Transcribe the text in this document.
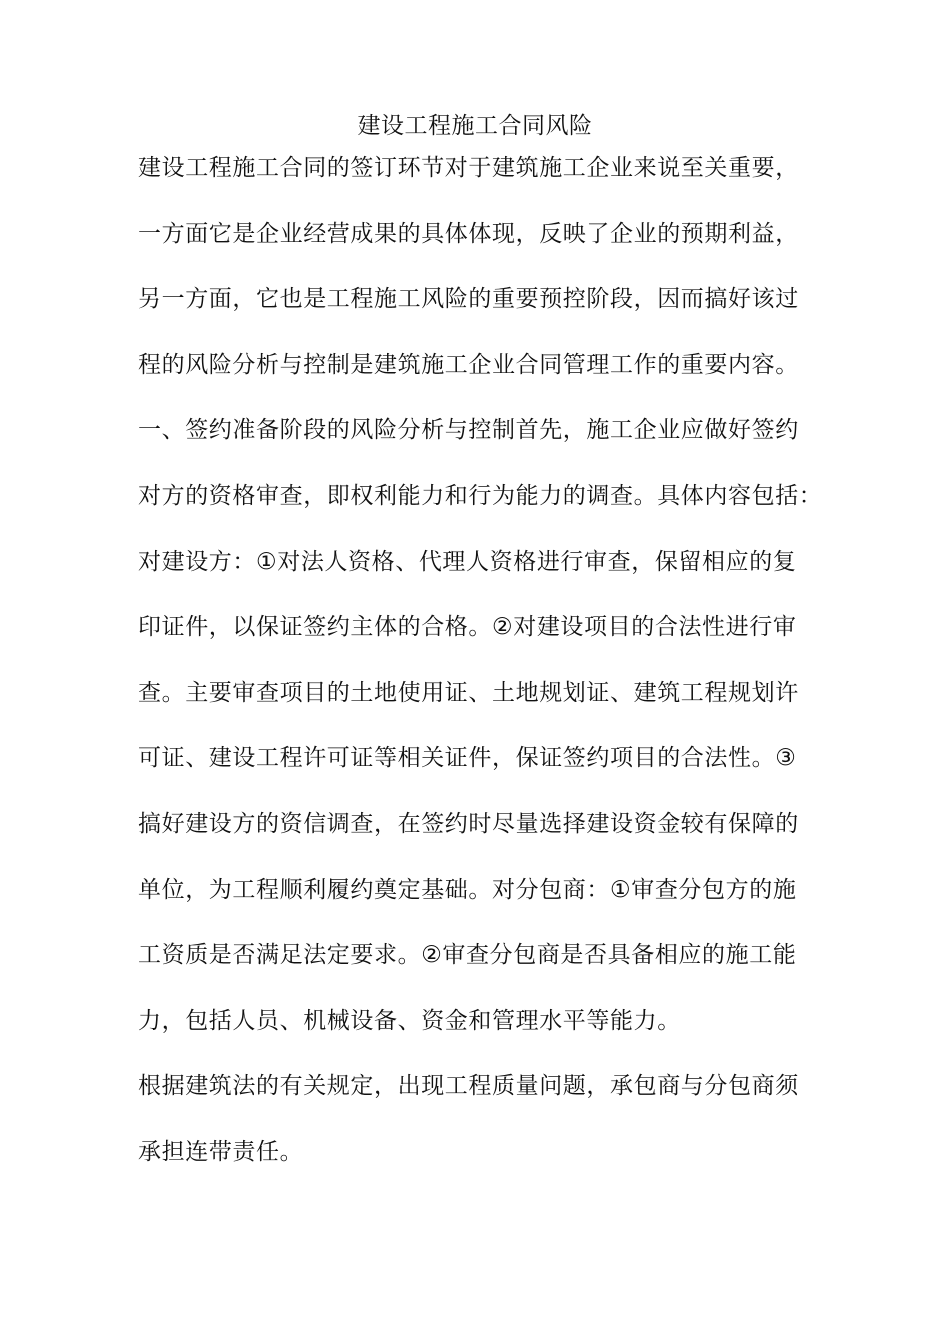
建设工程施工合同风险
建设工程施工合同的签订环节对于建筑施工企业来说至关重要，
一方面它是企业经营成果的具体体现，反映了企业的预期利益，
另一方面，它也是工程施工风险的重要预控阶段，因而搞好该过
程的风险分析与控制是建筑施工企业合同管理工作的重要内容。
一、签约准备阶段的风险分析与控制首先，施工企业应做好签约
对方的资格审查，即权利能力和行为能力的调查。具体内容包括：
对建设方：①对法人资格、代理人资格进行审查，保留相应的复
印证件，以保证签约主体的合格。②对建设项目的合法性进行审
查。主要审查项目的土地使用证、土地规划证、建筑工程规划许
可证、建设工程许可证等相关证件，保证签约项目的合法性。③
搞好建设方的资信调查，在签约时尽量选择建设资金较有保障的
单位，为工程顺利履约奠定基础。对分包商：①审查分包方的施
工资质是否满足法定要求。②审查分包商是否具备相应的施工能
力，包括人员、机械设备、资金和管理水平等能力。
根据建筑法的有关规定，出现工程质量问题，承包商与分包商须
承担连带责任。
